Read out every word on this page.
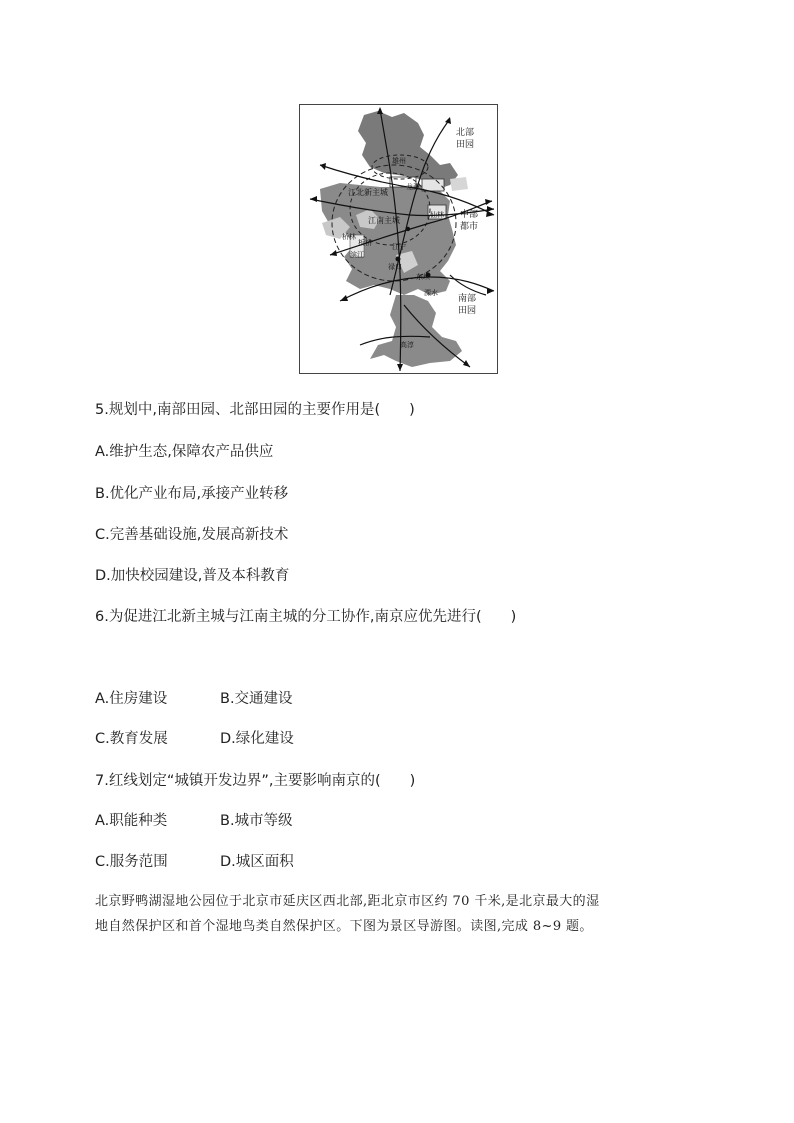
北部
田园
中部
都市
南部
田园
雄州
江北新主城
龙潭
江南主城
仙林
桥林
板桥
滨江
江宁
禄口
东坝
溧水
高淳
5.规划中,南部田园、北部田园的主要作用是(　　)
A.维护生态,保障农产品供应
B.优化产业布局,承接产业转移
C.完善基础设施,发展高新技术
D.加快校园建设,普及本科教育
6.为促进江北新主城与江南主城的分工协作,南京应优先进行(　　)
A.住房建设	B.交通建设
C.教育发展	D.绿化建设
7.红线划定“城镇开发边界”,主要影响南京的(　　)
A.职能种类	B.城市等级
C.服务范围	D.城区面积
北京野鸭湖湿地公园位于北京市延庆区西北部,距北京市区约 70 千米,是北京最大的湿
地自然保护区和首个湿地鸟类自然保护区。下图为景区导游图。读图,完成 8~9 题。
